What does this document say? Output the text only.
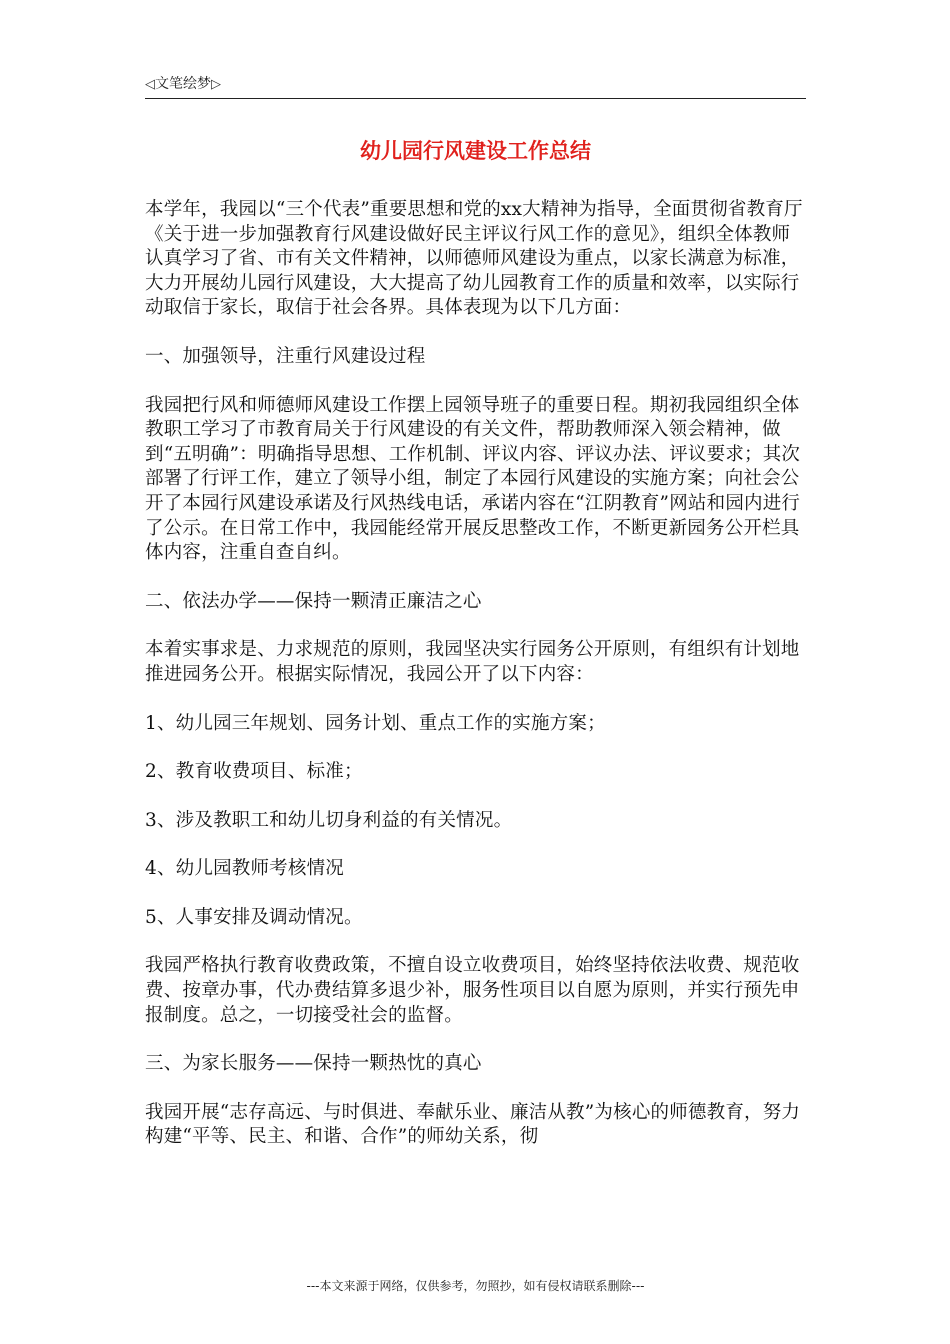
◁文笔绘梦▷
幼儿园行风建设工作总结

本学年，我园以“三个代表”重要思想和党的xx大精神为指导，全面贯彻省教育厅《关于进一步加强教育行风建设做好民主评议行风工作的意见》，组织全体教师认真学习了省、市有关文件精神，以师德师风建设为重点，以家长满意为标准，大力开展幼儿园行风建设，大大提高了幼儿园教育工作的质量和效率，以实际行动取信于家长，取信于社会各界。具体表现为以下几方面：

一、加强领导，注重行风建设过程

我园把行风和师德师风建设工作摆上园领导班子的重要日程。期初我园组织全体教职工学习了市教育局关于行风建设的有关文件，帮助教师深入领会精神，做到“五明确”：明确指导思想、工作机制、评议内容、评议办法、评议要求；其次部署了行评工作，建立了领导小组，制定了本园行风建设的实施方案；向社会公开了本园行风建设承诺及行风热线电话，承诺内容在“江阴教育”网站和园内进行了公示。在日常工作中，我园能经常开展反思整改工作，不断更新园务公开栏具体内容，注重自查自纠。

二、依法办学——保持一颗清正廉洁之心

本着实事求是、力求规范的原则，我园坚决实行园务公开原则，有组织有计划地推进园务公开。根据实际情况，我园公开了以下内容：

1、幼儿园三年规划、园务计划、重点工作的实施方案；

2、教育收费项目、标准；

3、涉及教职工和幼儿切身利益的有关情况。

4、幼儿园教师考核情况

5、人事安排及调动情况。

我园严格执行教育收费政策，不擅自设立收费项目，始终坚持依法收费、规范收费、按章办事，代办费结算多退少补，服务性项目以自愿为原则，并实行预先申报制度。总之，一切接受社会的监督。

三、为家长服务——保持一颗热忱的真心

我园开展“志存高远、与时俱进、奉献乐业、廉洁从教”为核心的师德教育，努力构建“平等、民主、和谐、合作”的师幼关系，彻

---本文来源于网络，仅供参考，勿照抄，如有侵权请联系删除---
